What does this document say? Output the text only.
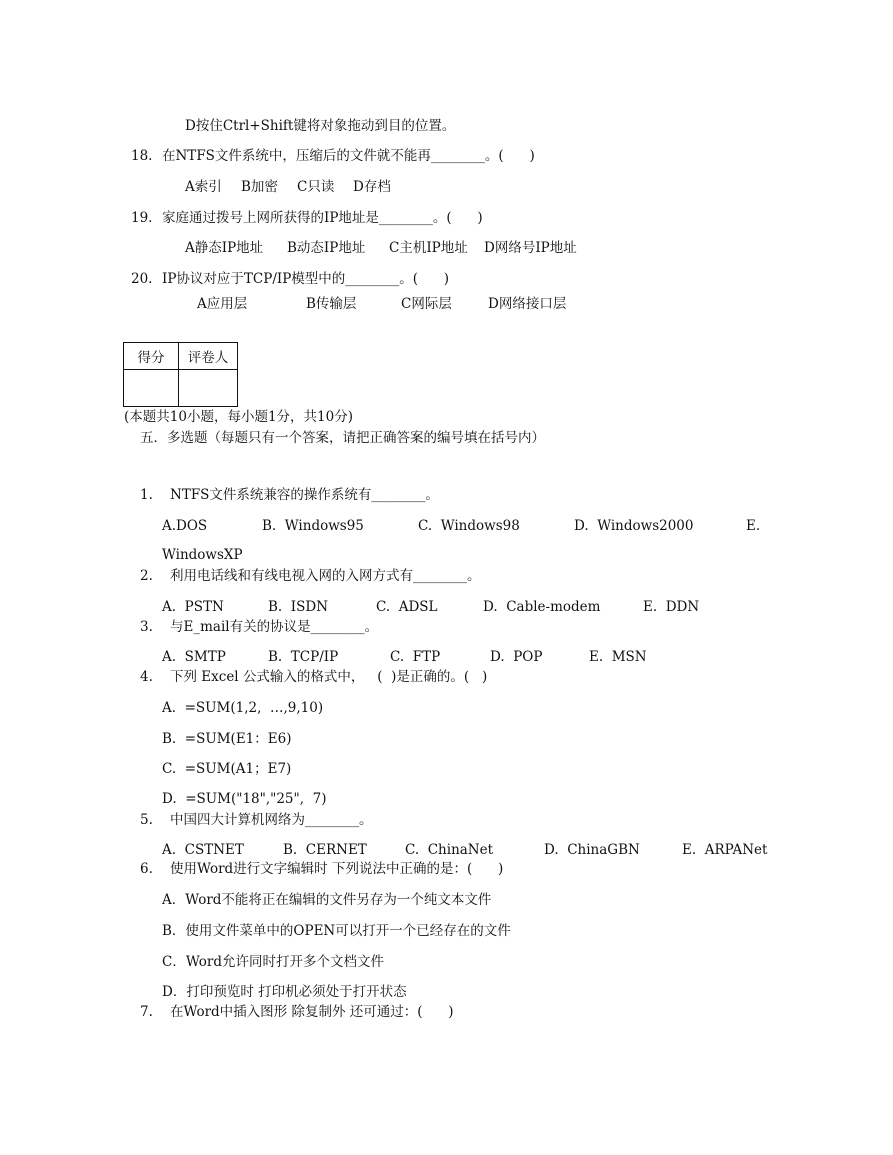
D按住Ctrl+Shift键将对象拖动到目的位置。
18. 在NTFS文件系统中，压缩后的文件就不能再________。(      )
A索引 B加密 C只读 D存档
19. 家庭通过拨号上网所获得的IP地址是________。(      )
A静态IP地址 B动态IP地址 C主机IP地址 D网络号IP地址
20. IP协议对应于TCP/IP模型中的________。(      )
A应用层	B传输层	C网际层	D网络接口层
得分	评卷人

(本题共10小题，每小题1分，共10分)
五．多选题（每题只有一个答案，请把正确答案的编号填在括号内）
1. NTFS文件系统兼容的操作系统有________。
A.DOS	B.  Windows95	C.  Windows98	D.  Windows2000	E.
WindowsXP
2. 利用电话线和有线电视入网的入网方式有________。
A.  PSTN	B.  ISDN	C.  ADSL	D.  Cable-modem	E.  DDN
3. 与E_mail有关的协议是________。
A.  SMTP	B.  TCP/IP	C.  FTP	D.  POP	E.  MSN
4. 下列 Excel 公式输入的格式中，   (  )是正确的。(   )
A.  =SUM(1,2,  …,9,10)
B.  =SUM(E1：E6)
C.  =SUM(A1；E7)
D.  =SUM("18","25",  7)
5. 中国四大计算机网络为________。
A.  CSTNET	B.  CERNET	C.  ChinaNet	D.  ChinaGBN	E.  ARPANet
6. 使用Word进行文字编辑时 下列说法中正确的是：(      )
A．Word不能将正在编辑的文件另存为一个纯文本文件
B．使用文件菜单中的OPEN可以打开一个已经存在的文件
C．Word允许同时打开多个文档文件
D．打印预览时 打印机必须处于打开状态
7. 在Word中插入图形 除复制外 还可通过：(      )
